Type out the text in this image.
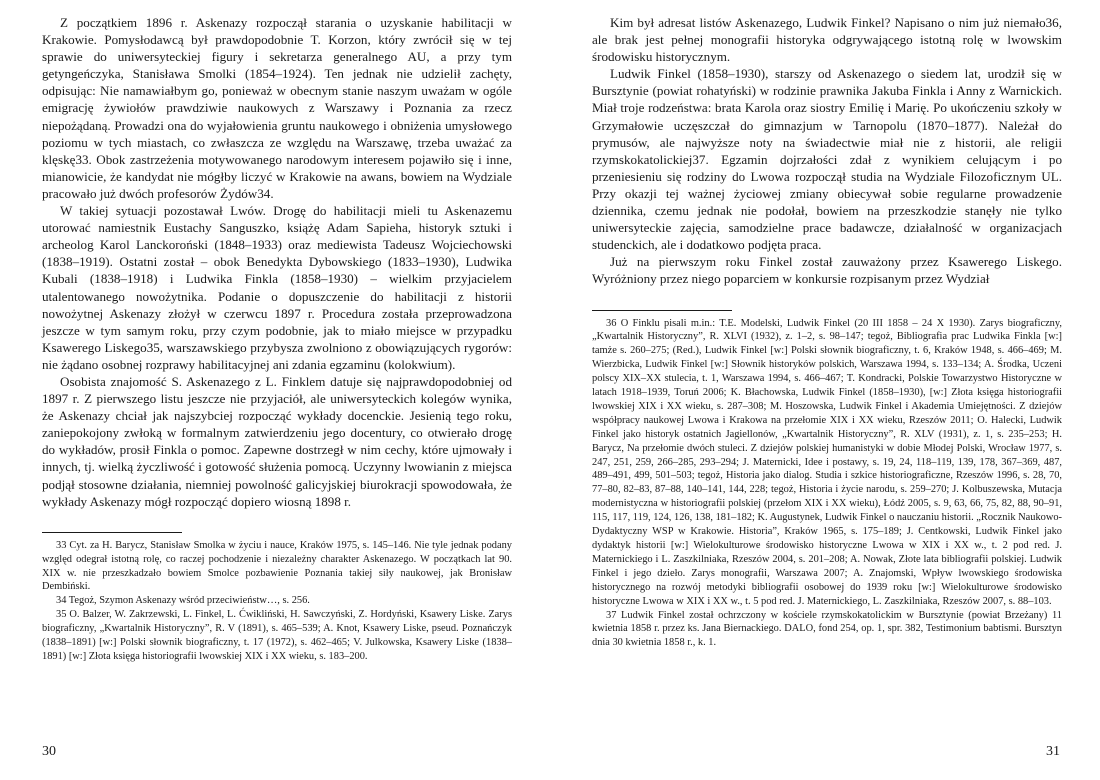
Z początkiem 1896 r. Askenazy rozpoczął starania o uzyskanie habilitacji w Krakowie. Pomysłodawcą był prawdopodobnie T. Korzon, który zwrócił się w tej sprawie do uniwersyteckiej figury i sekretarza generalnego AU, a przy tym getyngeńczyka, Stanisława Smolki (1854–1924). Ten jednak nie udzielił zachęty, odpisując: Nie namawiałbym go, ponieważ w obecnym stanie naszym uważam w ogóle emigrację żywiołów prawdziwie naukowych z Warszawy i Poznania za rzecz niepożądaną. Prowadzi ona do wyjałowienia gruntu naukowego i obniżenia umysłowego poziomu w tych miastach, co zwłaszcza ze względu na Warszawę, trzeba uważać za klęskę33. Obok zastrzeżenia motywowanego narodowym interesem pojawiło się i inne, mianowicie, że kandydat nie mógłby liczyć w Krakowie na awans, bowiem na Wydziale pracowało już dwóch profesorów Żydów34.

W takiej sytuacji pozostawał Lwów. Drogę do habilitacji mieli tu Askenazemu utorować namiestnik Eustachy Sanguszko, książę Adam Sapieha, historyk sztuki i archeolog Karol Lanckoroński (1848–1933) oraz mediewista Tadeusz Wojciechowski (1838–1919). Ostatni został – obok Benedykta Dybowskiego (1833–1930), Ludwika Kubali (1838–1918) i Ludwika Finkla (1858–1930) – wielkim przyjacielem utalentowanego nowożytnika. Podanie o dopuszczenie do habilitacji z historii nowożytnej Askenazy złożył w czerwcu 1897 r. Procedura została przeprowadzona jeszcze w tym samym roku, przy czym podobnie, jak to miało miejsce w przypadku Ksawerego Liskego35, warszawskiego przybysza zwolniono z obowiązujących rygorów: nie żądano osobnej rozprawy habilitacyjnej ani zdania egzaminu (kolokwium).

Osobista znajomość S. Askenazego z L. Finklem datuje się najprawdopodobniej od 1897 r. Z pierwszego listu jeszcze nie przyjaciół, ale uniwersyteckich kolegów wynika, że Askenazy chciał jak najszybciej rozpocząć wykłady docenckie. Jesienią tego roku, zaniepokojony zwłoką w formalnym zatwierdzeniu jego docentury, co otwierało drogę do wykładów, prosił Finkla o pomoc. Zapewne dostrzegł w nim cechy, które ujmowały i innych, tj. wielką życzliwość i gotowość służenia pomocą. Uczynny lwowianin z miejsca podjął stosowne działania, niemniej powolność galicyjskiej biurokracji spowodowała, że wykłady Askenazy mógł rozpocząć dopiero wiosną 1898 r.

33 Cyt. za H. Barycz, Stanisław Smolka w życiu i nauce, Kraków 1975, s. 145–146. Nie tyle jednak podany względ odegrał istotną rolę, co raczej pochodzenie i niezależny charakter Askenazego. W początkach lat 90. XIX w. nie przeszkadzało bowiem Smolce pozbawienie Poznania takiej siły naukowej, jak Bronisław Dembiński.

34 Tegoż, Szymon Askenazy wśród przeciwieństw…, s. 256.

35 O. Balzer, W. Zakrzewski, L. Finkel, L. Ćwikliński, H. Sawczyński, Z. Hordyński, Ksawery Liske. Zarys biograficzny, „Kwartalnik Historyczny”, R. V (1891), s. 465–539; A. Knot, Ksawery Liske, pseud. Poznańczyk (1838–1891) [w:] Polski słownik biograficzny, t. 17 (1972), s. 462–465; V. Julkowska, Ksawery Liske (1838–1891) [w:] Złota księga historiografii lwowskiej XIX i XX wieku, s. 183–200.

Kim był adresat listów Askenazego, Ludwik Finkel? Napisano o nim już niemało36, ale brak jest pełnej monografii historyka odgrywającego istotną rolę w lwowskim środowisku historycznym.

Ludwik Finkel (1858–1930), starszy od Askenazego o siedem lat, urodził się w Bursztynie (powiat rohatyński) w rodzinie prawnika Jakuba Finkla i Anny z Warnickich. Miał troje rodzeństwa: brata Karola oraz siostry Emilię i Marię. Po ukończeniu szkoły w Grzymałowie uczęszczał do gimnazjum w Tarnopolu (1870–1877). Należał do prymusów, ale najwyższe noty na świadectwie miał nie z historii, ale religii rzymskokatolickiej37. Egzamin dojrzałości zdał z wynikiem celującym i po przeniesieniu się rodziny do Lwowa rozpoczął studia na Wydziale Filozoficznym UL. Przy okazji tej ważnej życiowej zmiany obiecywał sobie regularne prowadzenie dziennika, czemu jednak nie podołał, bowiem na przeszkodzie stanęły nie tylko uniwersyteckie zajęcia, samodzielne prace badawcze, działalność w organizacjach studenckich, ale i dodatkowo podjęta praca.

Już na pierwszym roku Finkel został zauważony przez Ksawerego Liskego. Wyróżniony przez niego poparciem w konkursie rozpisanym przez Wydział

36 O Finklu pisali m.in.: T.E. Modelski, Ludwik Finkel (20 III 1858 – 24 X 1930). Zarys biograficzny, „Kwartalnik Historyczny”, R. XLVI (1932), z. 1–2, s. 98–147; tegoż, Bibliografia prac Ludwika Finkla [w:] tamże s. 260–275; (Red.), Ludwik Finkel [w:] Polski słownik biograficzny, t. 6, Kraków 1948, s. 466–469; M. Wierzbicka, Ludwik Finkel [w:] Słownik historyków polskich, Warszawa 1994, s. 133–134; A. Środka, Uczeni polscy XIX–XX stulecia, t. 1, Warszawa 1994, s. 466–467; T. Kondracki, Polskie Towarzystwo Historyczne w latach 1918–1939, Toruń 2006; K. Błachowska, Ludwik Finkel (1858–1930), [w:] Złota księga historiografii lwowskiej XIX i XX wieku, s. 287–308; M. Hoszowska, Ludwik Finkel i Akademia Umiejętności. Z dziejów współpracy naukowej Lwowa i Krakowa na przełomie XIX i XX wieku, Rzeszów 2011; O. Halecki, Ludwik Finkel jako historyk ostatnich Jagiellonów, „Kwartalnik Historyczny”, R. XLV (1931), z. 1, s. 235–253; H. Barycz, Na przełomie dwóch stuleci. Z dziejów polskiej humanistyki w dobie Młodej Polski, Wrocław 1977, s. 247, 251, 259, 266–285, 293–294; J. Maternicki, Idee i postawy, s. 19, 24, 118–119, 139, 178, 367–369, 487, 489–491, 499, 501–503; tegoż, Historia jako dialog. Studia i szkice historiograficzne, Rzeszów 1996, s. 28, 70, 77–80, 82–83, 87–88, 140–141, 144, 228; tegoż, Historia i życie narodu, s. 259–270; J. Kolbuszewska, Mutacja modernistyczna w historiografii polskiej (przełom XIX i XX wieku), Łódź 2005, s. 9, 63, 66, 75, 82, 88, 90–91, 115, 117, 119, 124, 126, 138, 181–182; K. Augustynek, Ludwik Finkel o nauczaniu historii. „Rocznik Naukowo-Dydaktyczny WSP w Krakowie. Historia”, Kraków 1965, s. 175–189; J. Centkowski, Ludwik Finkel jako dydaktyk historii [w:] Wielokulturowe środowisko historyczne Lwowa w XIX i XX w., t. 2 pod red. J. Maternickiego i L. Zaszkilniaka, Rzeszów 2004, s. 201–208; A. Nowak, Złote lata bibliografii polskiej. Ludwik Finkel i jego dzieło. Zarys monografii, Warszawa 2007; A. Znajomski, Wpływ lwowskiego środowiska historycznego na rozwój metodyki bibliografii osobowej do 1939 roku [w:] Wielokulturowe środowisko historyczne Lwowa w XIX i XX w., t. 5 pod red. J. Maternickiego, L. Zaszkilniaka, Rzeszów 2007, s. 88–103.

37 Ludwik Finkel został ochrzczony w kościele rzymskokatolickim w Bursztynie (powiat Brzeżany) 11 kwietnia 1858 r. przez ks. Jana Biernackiego. DALO, fond 254, op. 1, spr. 382, Testimonium babtismi. Bursztyn dnia 30 kwietnia 1858 r., k. 1.

30	31
